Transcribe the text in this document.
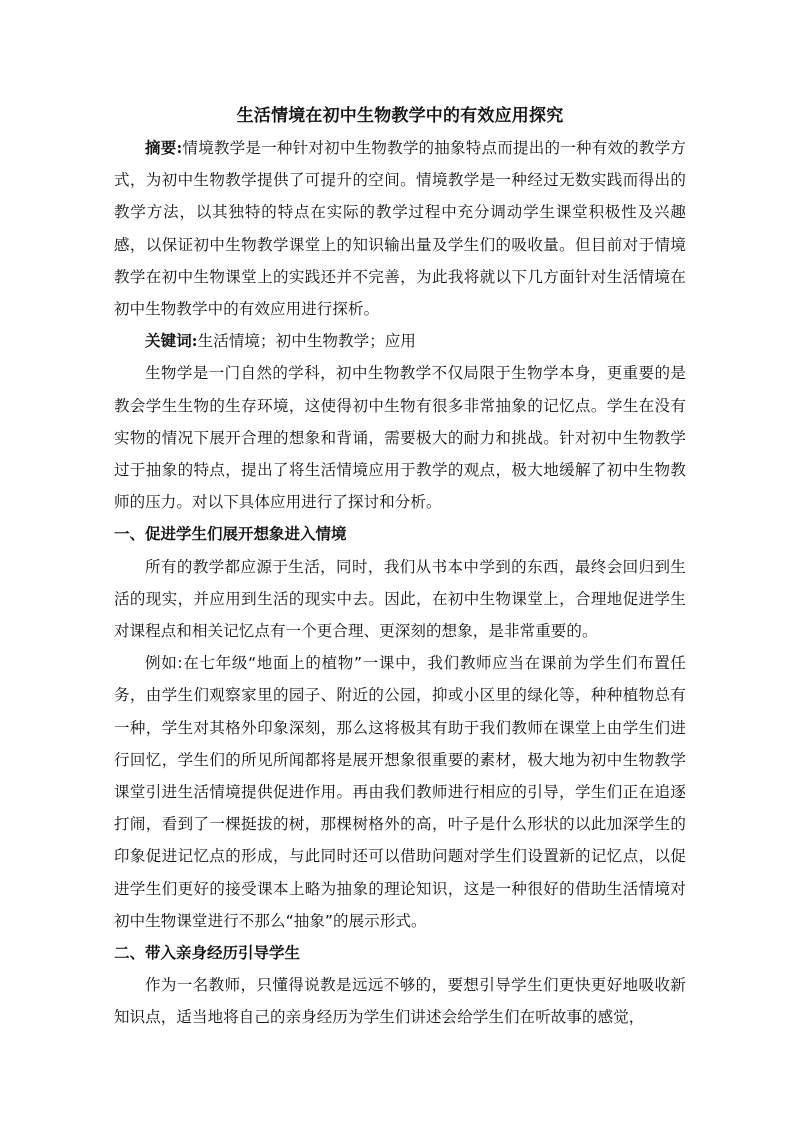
生活情境在初中生物教学中的有效应用探究

摘要:情境教学是一种针对初中生物教学的抽象特点而提出的一种有效的教学方式，为初中生物教学提供了可提升的空间。情境教学是一种经过无数实践而得出的教学方法，以其独特的特点在实际的教学过程中充分调动学生课堂积极性及兴趣感，以保证初中生物教学课堂上的知识输出量及学生们的吸收量。但目前对于情境教学在初中生物课堂上的实践还并不完善，为此我将就以下几方面针对生活情境在初中生物教学中的有效应用进行探析。

关键词:生活情境；初中生物教学；应用

生物学是一门自然的学科，初中生物教学不仅局限于生物学本身，更重要的是教会学生生物的生存环境，这使得初中生物有很多非常抽象的记忆点。学生在没有实物的情况下展开合理的想象和背诵，需要极大的耐力和挑战。针对初中生物教学过于抽象的特点，提出了将生活情境应用于教学的观点，极大地缓解了初中生物教师的压力。对以下具体应用进行了探讨和分析。

一、促进学生们展开想象进入情境

所有的教学都应源于生活，同时，我们从书本中学到的东西，最终会回归到生活的现实，并应用到生活的现实中去。因此，在初中生物课堂上，合理地促进学生对课程点和相关记忆点有一个更合理、更深刻的想象，是非常重要的。

例如:在七年级“地面上的植物”一课中，我们教师应当在课前为学生们布置任务，由学生们观察家里的园子、附近的公园，抑或小区里的绿化等，种种植物总有一种，学生对其格外印象深刻，那么这将极其有助于我们教师在课堂上由学生们进行回忆，学生们的所见所闻都将是展开想象很重要的素材，极大地为初中生物教学课堂引进生活情境提供促进作用。再由我们教师进行相应的引导，学生们正在追逐打闹，看到了一棵挺拔的树，那棵树格外的高，叶子是什么形状的以此加深学生的印象促进记忆点的形成，与此同时还可以借助问题对学生们设置新的记忆点，以促进学生们更好的接受课本上略为抽象的理论知识，这是一种很好的借助生活情境对初中生物课堂进行不那么“抽象”的展示形式。

二、带入亲身经历引导学生

作为一名教师，只懂得说教是远远不够的，要想引导学生们更快更好地吸收新知识点，适当地将自己的亲身经历为学生们讲述会给学生们在听故事的感觉，
